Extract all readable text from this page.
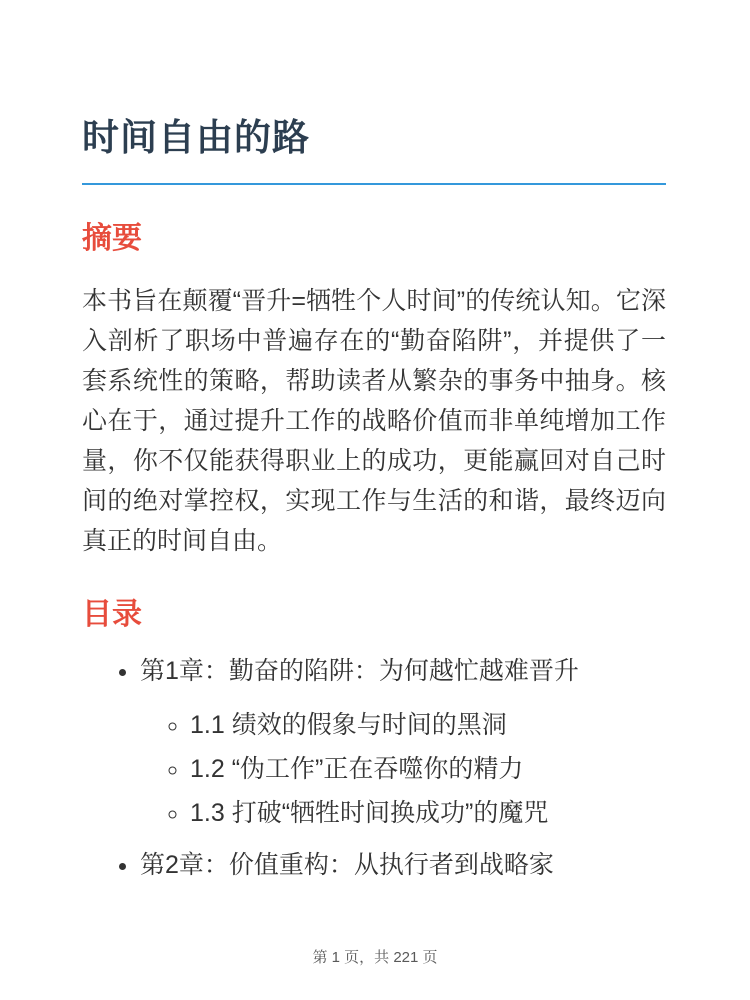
时间自由的路
摘要

本书旨在颠覆“晋升=牺牲个人时间”的传统认知。它深入剖析了职场中普遍存在的“勤奋陷阱”，并提供了一套系统性的策略，帮助读者从繁杂的事务中抽身。核心在于，通过提升工作的战略价值而非单纯增加工作量，你不仅能获得职业上的成功，更能赢回对自己时间的绝对掌控权，实现工作与生活的和谐，最终迈向真正的时间自由。

目录
• 第1章：勤奋的陷阱：为何越忙越难晋升
◦ 1.1 绩效的假象与时间的黑洞
◦ 1.2 “伪工作”正在吞噬你的精力
◦ 1.3 打破“牺牲时间换成功”的魔咒
• 第2章：价值重构：从执行者到战略家
第 1 页，共 221 页
